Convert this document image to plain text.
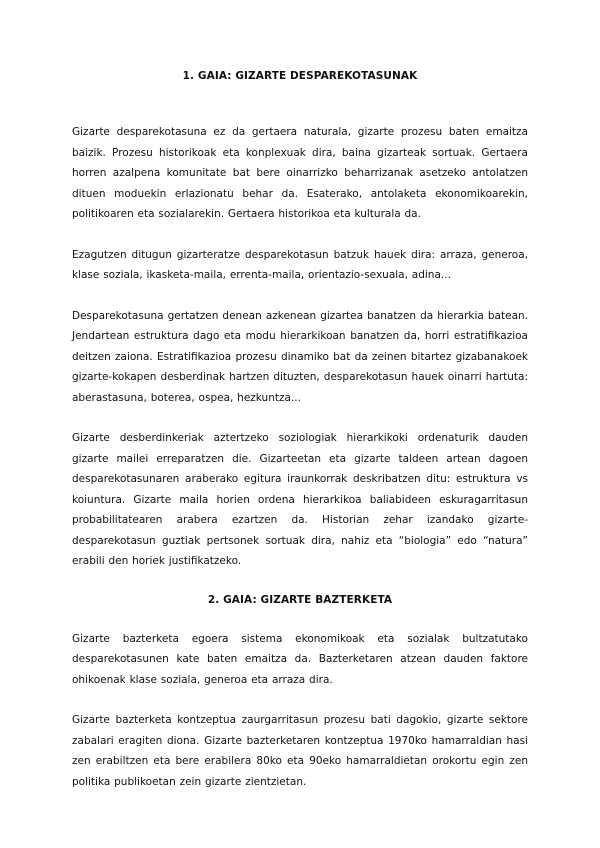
1. GAIA: GIZARTE DESPAREKOTASUNAK

Gizarte desparekotasuna ez da gertaera naturala, gizarte prozesu baten emaitza baizik. Prozesu historikoak eta konplexuak dira, baina gizarteak sortuak. Gertaera horren azalpena komunitate bat bere oinarrizko beharrizanak asetzeko antolatzen dituen moduekin erlazionatu behar da. Esaterako, antolaketa ekonomikoarekin, politikoaren eta sozialarekin. Gertaera historikoa eta kulturala da.

Ezagutzen ditugun gizarteratze desparekotasun batzuk hauek dira: arraza, generoa, klase soziala, ikasketa-maila, errenta-maila, orientazio-sexuala, adina...

Desparekotasuna gertatzen denean azkenean gizartea banatzen da hierarkia batean. Jendartean estruktura dago eta modu hierarkikoan banatzen da, horri estratifikazioa deitzen zaiona. Estratifikazioa prozesu dinamiko bat da zeinen bitartez gizabanakoek gizarte-kokapen desberdinak hartzen dituzten, desparekotasun hauek oinarri hartuta: aberastasuna, boterea, ospea, hezkuntza...

Gizarte desberdinkeriak aztertzeko soziologiak hierarkikoki ordenaturik dauden gizarte mailei erreparatzen die. Gizarteetan eta gizarte taldeen artean dagoen desparekotasunaren araberako egitura iraunkorrak deskribatzen ditu: estruktura vs koiuntura. Gizarte maila horien ordena hierarkikoa baliabideen eskuragarritasun probabilitatearen arabera ezartzen da. Historian zehar izandako gizarte-desparekotasun guztiak pertsonek sortuak dira, nahiz eta “biologia” edo “natura” erabili den horiek justifikatzeko.

2. GAIA: GIZARTE BAZTERKETA

Gizarte bazterketa egoera sistema ekonomikoak eta sozialak bultzatutako desparekotasunen kate baten emaitza da. Bazterketaren atzean dauden faktore ohikoenak klase soziala, generoa eta arraza dira.

Gizarte bazterketa kontzeptua zaurgarritasun prozesu bati dagokio, gizarte sektore zabalari eragiten diona. Gizarte bazterketaren kontzeptua 1970ko hamarraldian hasi zen erabiltzen eta bere erabilera 80ko eta 90eko hamarraldietan orokortu egin zen politika publikoetan zein gizarte zientzietan.
